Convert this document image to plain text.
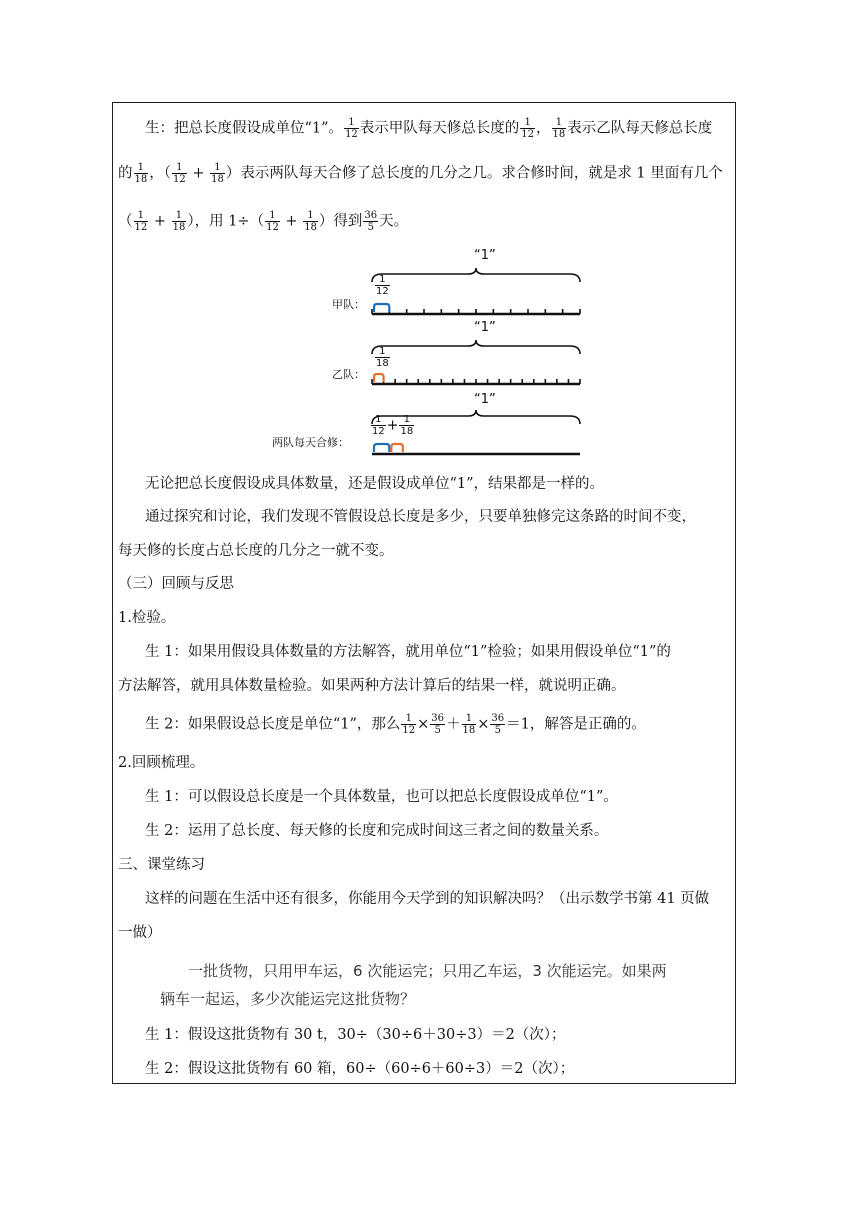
生：把总长度假设成单位“1”。 $\frac{1}{12}$ 表示甲队每天修总长度的 $\frac{1}{12}$ ， $\frac{1}{18}$ 表示乙队每天修总长度
的 $\frac{1}{18}$ ，（ $\frac{1}{12} + \frac{1}{18}$ ）表示两队每天合修了总长度的几分之几。求合修时间，就是求 1 里面有几个
（ $\frac{1}{12} + \frac{1}{18}$ ），用 $1\div( \frac{1}{12} + \frac{1}{18}$ ）得到 $\frac{36}{5}$ 天。
“1”
“1”
“1”
甲队：
乙队：
两队每天合修：
$\frac{1}{12}$
$\frac{1}{18}$
$\frac{1}{12} + \frac{1}{18}$
无论把总长度假设成具体数量，还是假设成单位“1”，结果都是一样的。
通过探究和讨论，我们发现不管假设总长度是多少，只要单独修完这条路的时间不变，
每天修的长度占总长度的几分之一就不变。
（三）回顾与反思
1.检验。
生 1：如果用假设具体数量的方法解答，就用单位“1”检验；如果用假设单位“1”的
方法解答，就用具体数量检验。如果两种方法计算后的结果一样，就说明正确。
生 2：如果假设总长度是单位“1”，那么 $\frac{1}{12} \times \frac{36}{5} + \frac{1}{18} \times \frac{36}{5} =1$，解答是正确的。
2.回顾梳理。
生 1：可以假设总长度是一个具体数量，也可以把总长度假设成单位“1”。
生 2：运用了总长度、每天修的长度和完成时间这三者之间的数量关系。
三、课堂练习
这样的问题在生活中还有很多，你能用今天学到的知识解决吗？（出示数学书第 41 页做
一做）
一批货物，只用甲车运，6 次能运完；只用乙车运，3 次能运完。如果两
辆车一起运，多少次能运完这批货物？
生 1：假设这批货物有 30 t，30÷（30÷6＋30÷3）＝2（次）；
生 2：假设这批货物有 60 箱，60÷（60÷6＋60÷3）＝2（次）；
